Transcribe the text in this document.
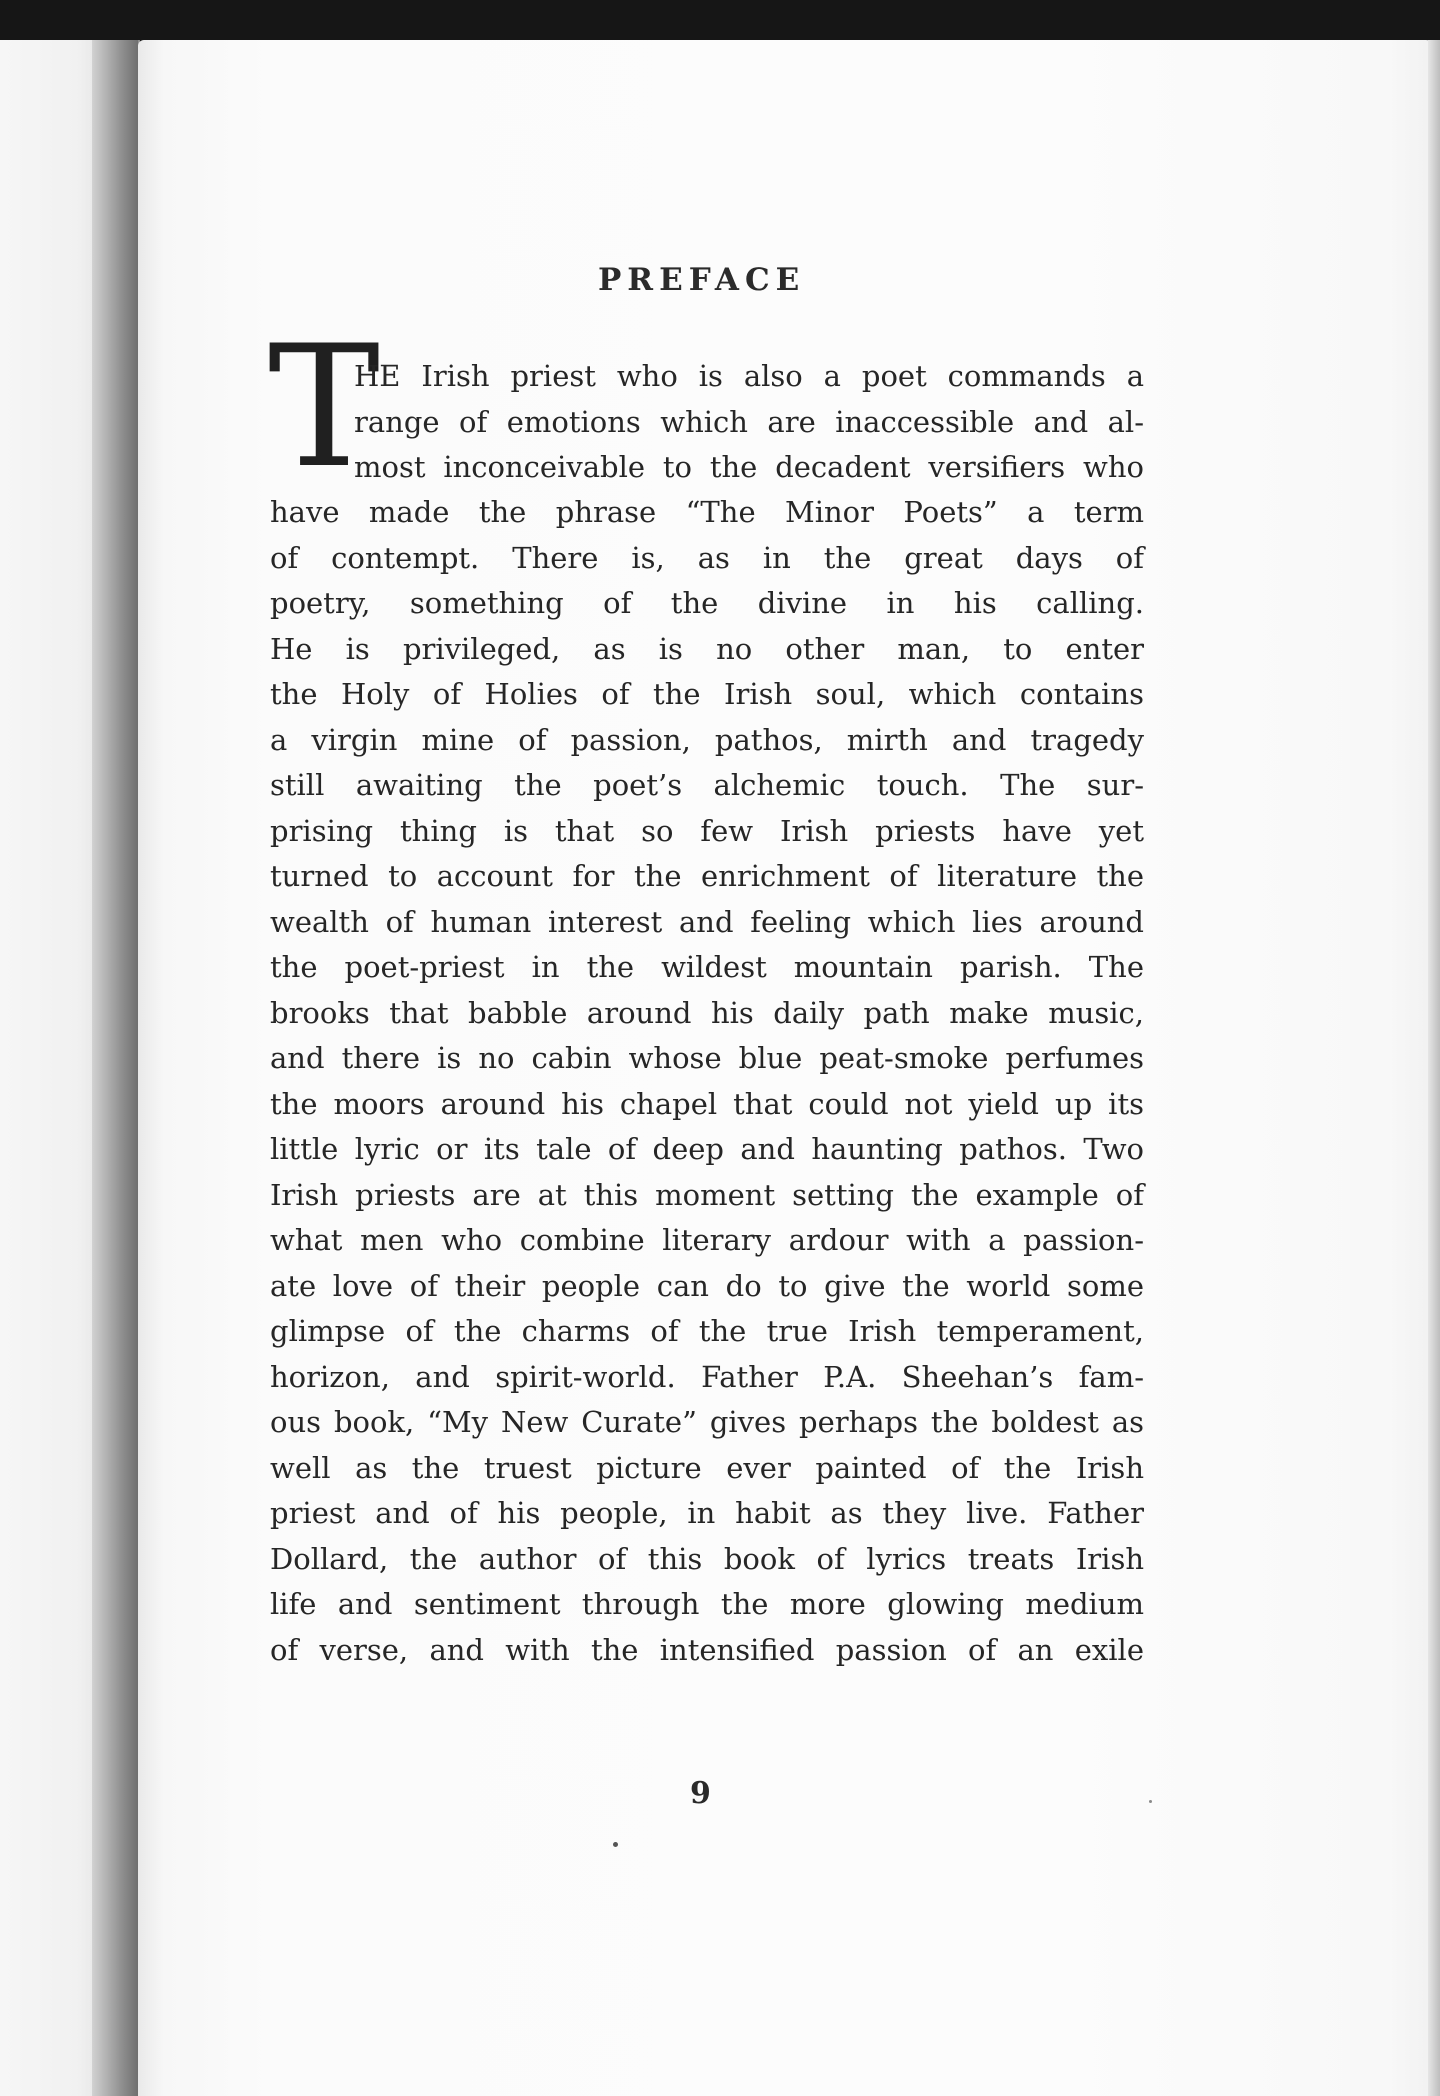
PREFACE

T

HE Irish priest who is also a poet commands a
range of emotions which are inaccessible and al-
most inconceivable to the decadent versifiers who
have made the phrase “The Minor Poets” a term
of contempt. There is, as in the great days of
poetry, something of the divine in his calling.
He is privileged, as is no other man, to enter
the Holy of Holies of the Irish soul, which contains
a virgin mine of passion, pathos, mirth and tragedy
still awaiting the poet’s alchemic touch. The sur-
prising thing is that so few Irish priests have yet
turned to account for the enrichment of literature the
wealth of human interest and feeling which lies around
the poet-priest in the wildest mountain parish. The
brooks that babble around his daily path make music,
and there is no cabin whose blue peat-smoke perfumes
the moors around his chapel that could not yield up its
little lyric or its tale of deep and haunting pathos. Two
Irish priests are at this moment setting the example of
what men who combine literary ardour with a passion-
ate love of their people can do to give the world some
glimpse of the charms of the true Irish temperament,
horizon, and spirit-world. Father P.A. Sheehan’s fam-
ous book, “My New Curate” gives perhaps the boldest as
well as the truest picture ever painted of the Irish
priest and of his people, in habit as they live. Father
Dollard, the author of this book of lyrics treats Irish
life and sentiment through the more glowing medium
of verse, and with the intensified passion of an exile
9
